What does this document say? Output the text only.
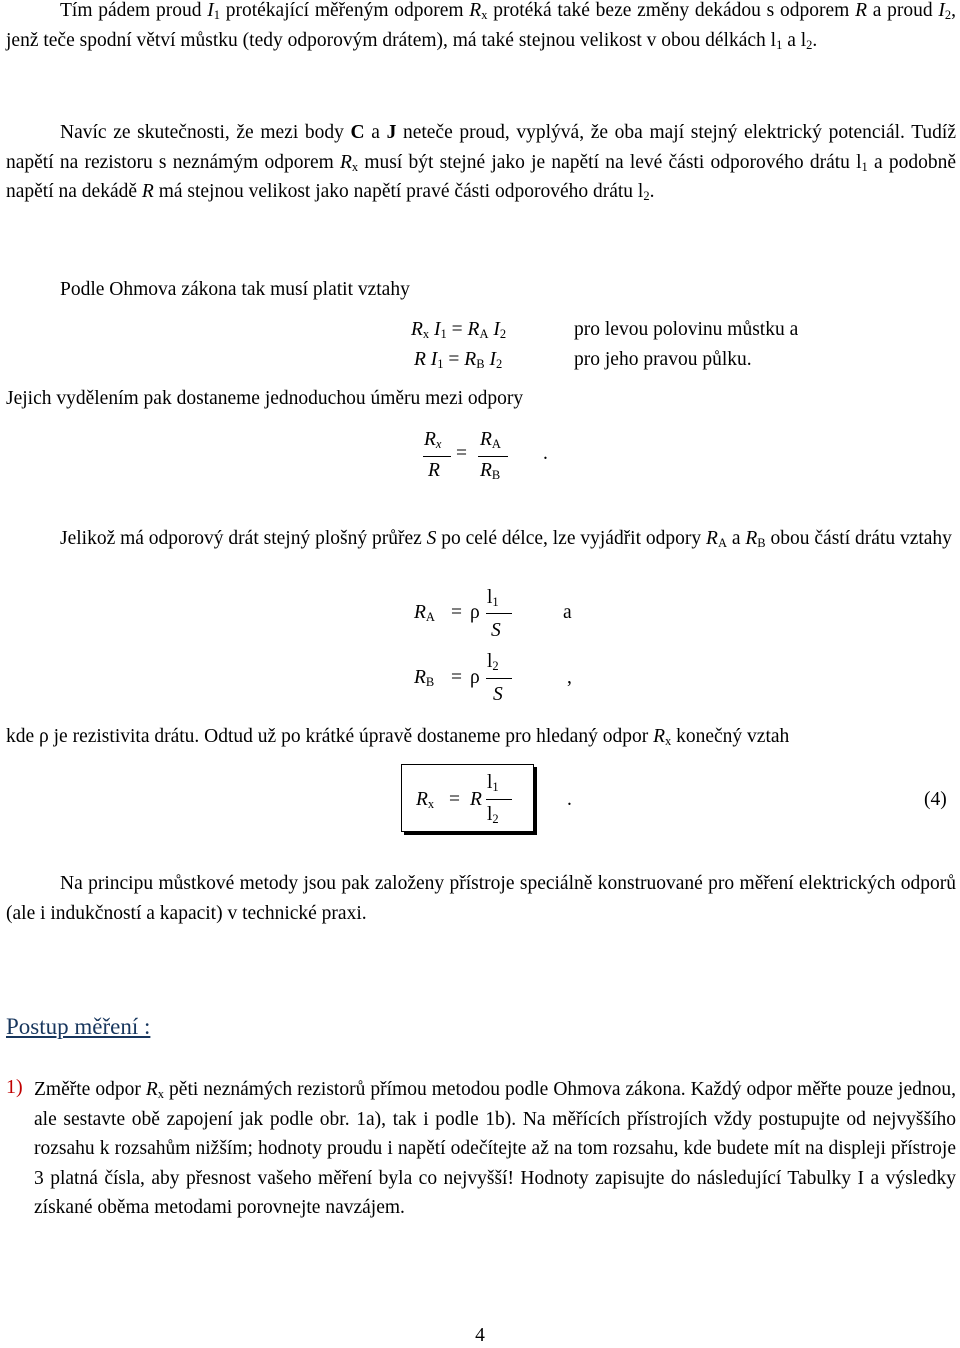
Tím pádem proud $I_1$ protékající měřeným odporem $R_x$ protéká také beze změny dekádou s odporem R a proud $I_2$, jenž teče spodní větví můstku (tedy odporovým drátem), má také stejnou velikost v obou délkách $l_1$ a $l_2$.
Navíc ze skutečnosti, že mezi body C a J neteče proud, vyplývá, že oba mají stejný elektrický potenciál. Tudíž napětí na rezistoru s neznámým odporem $R_x$ musí být stejné jako je napětí na levé části odporového drátu $l_1$ a podobně napětí na dekádě R má stejnou velikost jako napětí pravé části odporového drátu $l_2$.
Podle Ohmova zákona tak musí platit vztahy
$R_x$ $I_1 = R_A$ $I_2$	pro levou polovinu můstku a
R $I_1 = R_B$ $I_2$	pro jeho pravou půlku.
Jejich vydělením pak dostaneme jednoduchou úměru mezi odpory
$R_x$
R
=
$R_A$
$R_B$
.
Jelikož má odporový drát stejný plošný průřez S po celé délce, lze vyjádřit odpory $R_A$ a $R_B$ obou částí drátu vztahy
$R_A = \rho$
$l_1$
S
a
$R_B = \rho$
$l_2$
S
,
kde ρ je rezistivita drátu. Odtud už po krátké úpravě dostaneme pro hledaný odpor $R_x$ konečný vztah
$R_x = R$
$l_1$
$l_2$
.	(4)
Na principu můstkové metody jsou pak založeny přístroje speciálně konstruované pro měření elektrických odporů (ale i indukčností a kapacit) v technické praxi.
Postup měření :
1) Změřte odpor $R_x$ pěti neznámých rezistorů přímou metodou podle Ohmova zákona. Každý odpor měřte pouze jednou, ale sestavte obě zapojení jak podle obr. 1a), tak i podle 1b). Na měřících přístrojích vždy postupujte od nejvyššího rozsahu k rozsahům nižším; hodnoty proudu i napětí odečítejte až na tom rozsahu, kde budete mít na displeji přístroje 3 platná čísla, aby přesnost vašeho měření byla co nejvyšší! Hodnoty zapisujte do následující Tabulky I a výsledky získané oběma metodami porovnejte navzájem.
4
